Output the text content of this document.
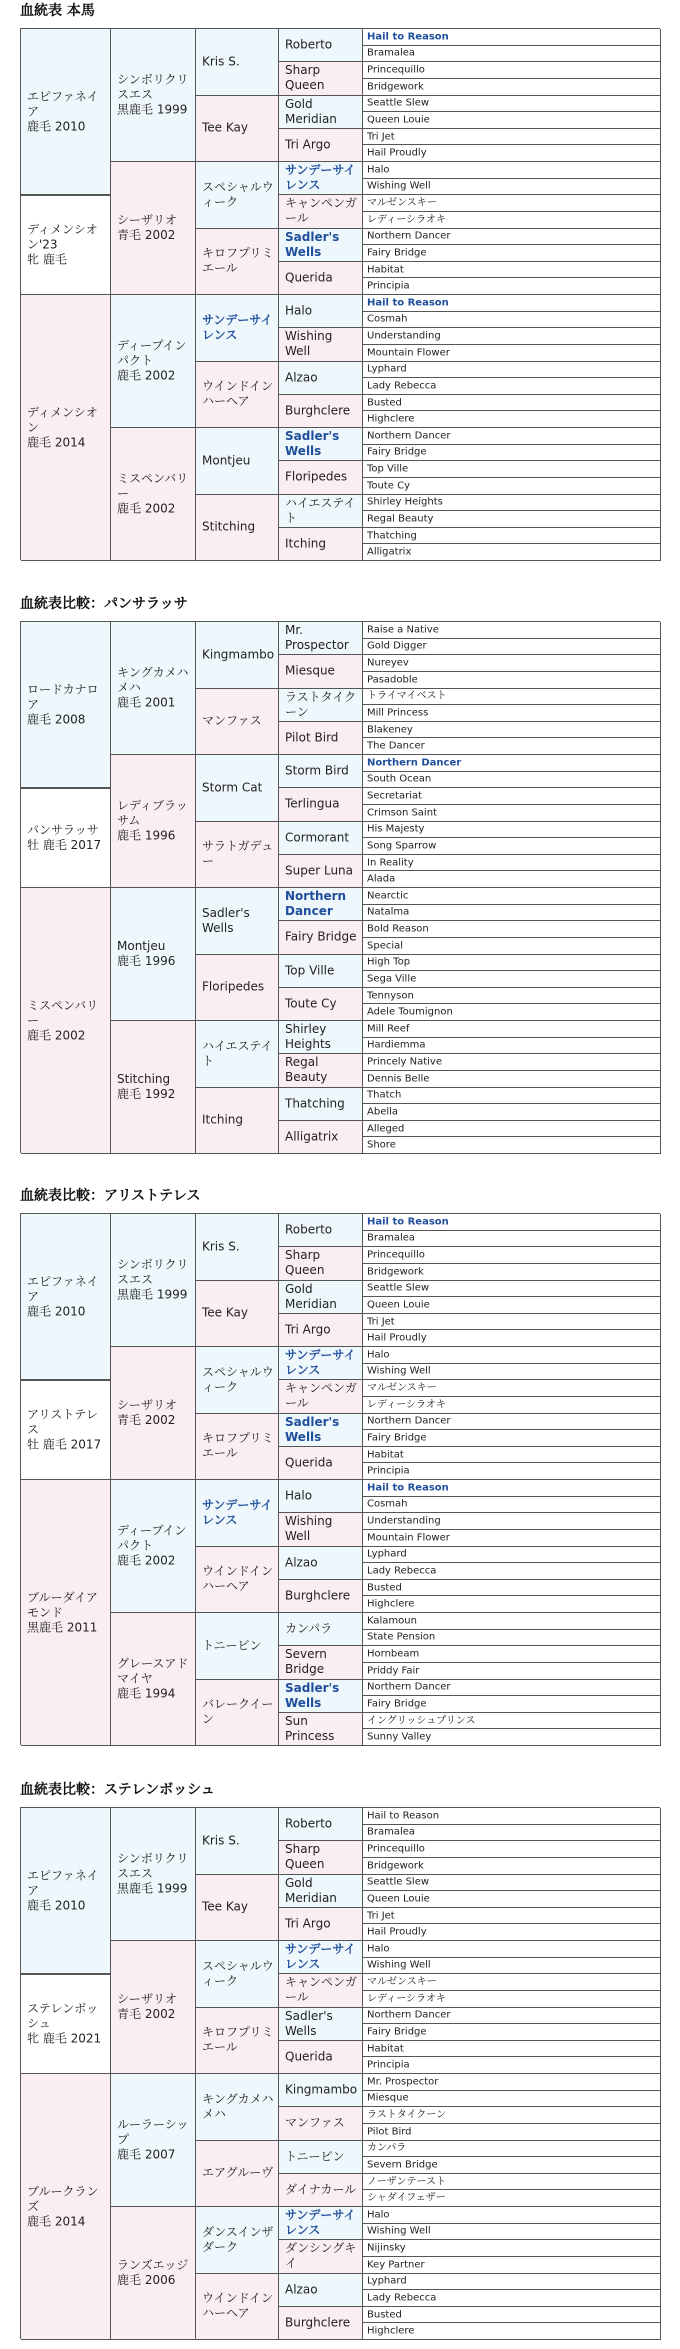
血統表 本馬
エピファネイア
鹿毛 2010
ディメンシオン'23
牝 鹿毛
ディメンシオン
鹿毛 2014
シンボリクリスエス
黒鹿毛 1999
シーザリオ
青毛 2002
ディープインパクト
鹿毛 2002
ミスペンバリー
鹿毛 2002
Kris S.
Tee Kay
スペシャルウィーク
キロフプリミエール
サンデーサイレンス
ウインドインハーヘア
Montjeu
Stitching
Roberto
Sharp Queen
Gold Meridian
Tri Argo
サンデーサイレンス
キャンペンガール
Sadler's Wells
Querida
Halo
Wishing Well
Alzao
Burghclere
Sadler's Wells
Floripedes
ハイエステイト
Itching
Hail to Reason
Bramalea
Princequillo
Bridgework
Seattle Slew
Queen Louie
Tri Jet
Hail Proudly
Halo
Wishing Well
マルゼンスキー
レディーシラオキ
Northern Dancer
Fairy Bridge
Habitat
Principia
Hail to Reason
Cosmah
Understanding
Mountain Flower
Lyphard
Lady Rebecca
Busted
Highclere
Northern Dancer
Fairy Bridge
Top Ville
Toute Cy
Shirley Heights
Regal Beauty
Thatching
Alligatrix
血統表比較：パンサラッサ
ロードカナロア
鹿毛 2008
パンサラッサ
牡 鹿毛 2017
ミスペンバリー
鹿毛 2002
キングカメハメハ
鹿毛 2001
レディブラッサム
鹿毛 1996
Montjeu
鹿毛 1996
Stitching
鹿毛 1992
Kingmambo
マンファス
Storm Cat
サラトガデュー
Sadler's Wells
Floripedes
ハイエステイト
Itching
Mr. Prospector
Miesque
ラストタイクーン
Pilot Bird
Storm Bird
Terlingua
Cormorant
Super Luna
Northern Dancer
Fairy Bridge
Top Ville
Toute Cy
Shirley Heights
Regal Beauty
Thatching
Alligatrix
Raise a Native
Gold Digger
Nureyev
Pasadoble
トライマイベスト
Mill Princess
Blakeney
The Dancer
Northern Dancer
South Ocean
Secretariat
Crimson Saint
His Majesty
Song Sparrow
In Reality
Alada
Nearctic
Natalma
Bold Reason
Special
High Top
Sega Ville
Tennyson
Adele Toumignon
Mill Reef
Hardiemma
Princely Native
Dennis Belle
Thatch
Abella
Alleged
Shore
血統表比較：アリストテレス
エピファネイア
鹿毛 2010
アリストテレス
牡 鹿毛 2017
ブルーダイアモンド
黒鹿毛 2011
シンボリクリスエス
黒鹿毛 1999
シーザリオ
青毛 2002
ディープインパクト
鹿毛 2002
グレースアドマイヤ
鹿毛 1994
Kris S.
Tee Kay
スペシャルウィーク
キロフプリミエール
サンデーサイレンス
ウインドインハーヘア
トニービン
バレークイーン
Roberto
Sharp Queen
Gold Meridian
Tri Argo
サンデーサイレンス
キャンペンガール
Sadler's Wells
Querida
Halo
Wishing Well
Alzao
Burghclere
カンパラ
Severn Bridge
Sadler's Wells
Sun Princess
Hail to Reason
Bramalea
Princequillo
Bridgework
Seattle Slew
Queen Louie
Tri Jet
Hail Proudly
Halo
Wishing Well
マルゼンスキー
レディーシラオキ
Northern Dancer
Fairy Bridge
Habitat
Principia
Hail to Reason
Cosmah
Understanding
Mountain Flower
Lyphard
Lady Rebecca
Busted
Highclere
Kalamoun
State Pension
Hornbeam
Priddy Fair
Northern Dancer
Fairy Bridge
イングリッシュプリンス
Sunny Valley
血統表比較：ステレンボッシュ
エピファネイア
鹿毛 2010
ステレンボッシュ
牝 鹿毛 2021
ブルークランズ
鹿毛 2014
シンボリクリスエス
黒鹿毛 1999
シーザリオ
青毛 2002
ルーラーシップ
鹿毛 2007
ランズエッジ
鹿毛 2006
Kris S.
Tee Kay
スペシャルウィーク
キロフプリミエール
キングカメハメハ
エアグルーヴ
ダンスインザダーク
ウインドインハーヘア
Roberto
Sharp Queen
Gold Meridian
Tri Argo
サンデーサイレンス
キャンペンガール
Sadler's Wells
Querida
Kingmambo
マンファス
トニービン
ダイナカール
サンデーサイレンス
ダンシングキイ
Alzao
Burghclere
Hail to Reason
Bramalea
Princequillo
Bridgework
Seattle Slew
Queen Louie
Tri Jet
Hail Proudly
Halo
Wishing Well
マルゼンスキー
レディーシラオキ
Northern Dancer
Fairy Bridge
Habitat
Principia
Mr. Prospector
Miesque
ラストタイクーン
Pilot Bird
カンパラ
Severn Bridge
ノーザンテースト
シャダイフェザー
Halo
Wishing Well
Nijinsky
Key Partner
Lyphard
Lady Rebecca
Busted
Highclere
